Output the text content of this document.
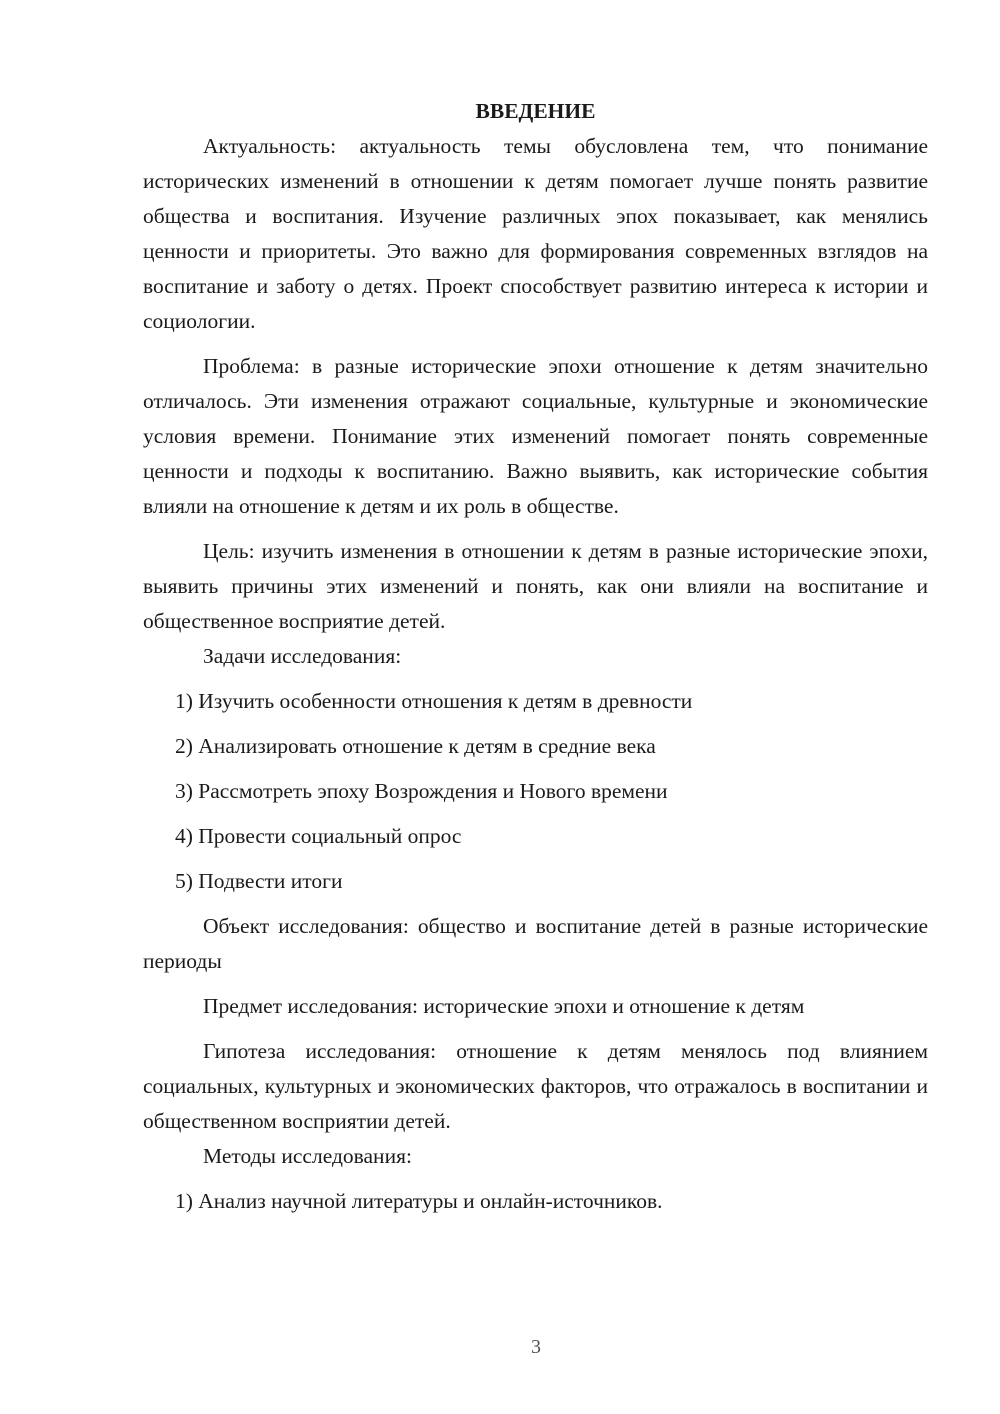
ВВЕДЕНИЕ

Актуальность: актуальность темы обусловлена тем, что понимание исторических изменений в отношении к детям помогает лучше понять развитие общества и воспитания. Изучение различных эпох показывает, как менялись ценности и приоритеты. Это важно для формирования современных взглядов на воспитание и заботу о детях. Проект способствует развитию интереса к истории и социологии.

Проблема: в разные исторические эпохи отношение к детям значительно отличалось. Эти изменения отражают социальные, культурные и экономические условия времени. Понимание этих изменений помогает понять современные ценности и подходы к воспитанию. Важно выявить, как исторические события влияли на отношение к детям и их роль в обществе.

Цель: изучить изменения в отношении к детям в разные исторические эпохи, выявить причины этих изменений и понять, как они влияли на воспитание и общественное восприятие детей.

Задачи исследования:

1) Изучить особенности отношения к детям в древности

2) Анализировать отношение к детям в средние века

3) Рассмотреть эпоху Возрождения и Нового времени

4) Провести социальный опрос

5) Подвести итоги

Объект исследования: общество и воспитание детей в разные исторические периоды

Предмет исследования: исторические эпохи и отношение к детям

Гипотеза исследования: отношение к детям менялось под влиянием социальных, культурных и экономических факторов, что отражалось в воспитании и общественном восприятии детей.

Методы исследования:

1) Анализ научной литературы и онлайн-источников.

3
